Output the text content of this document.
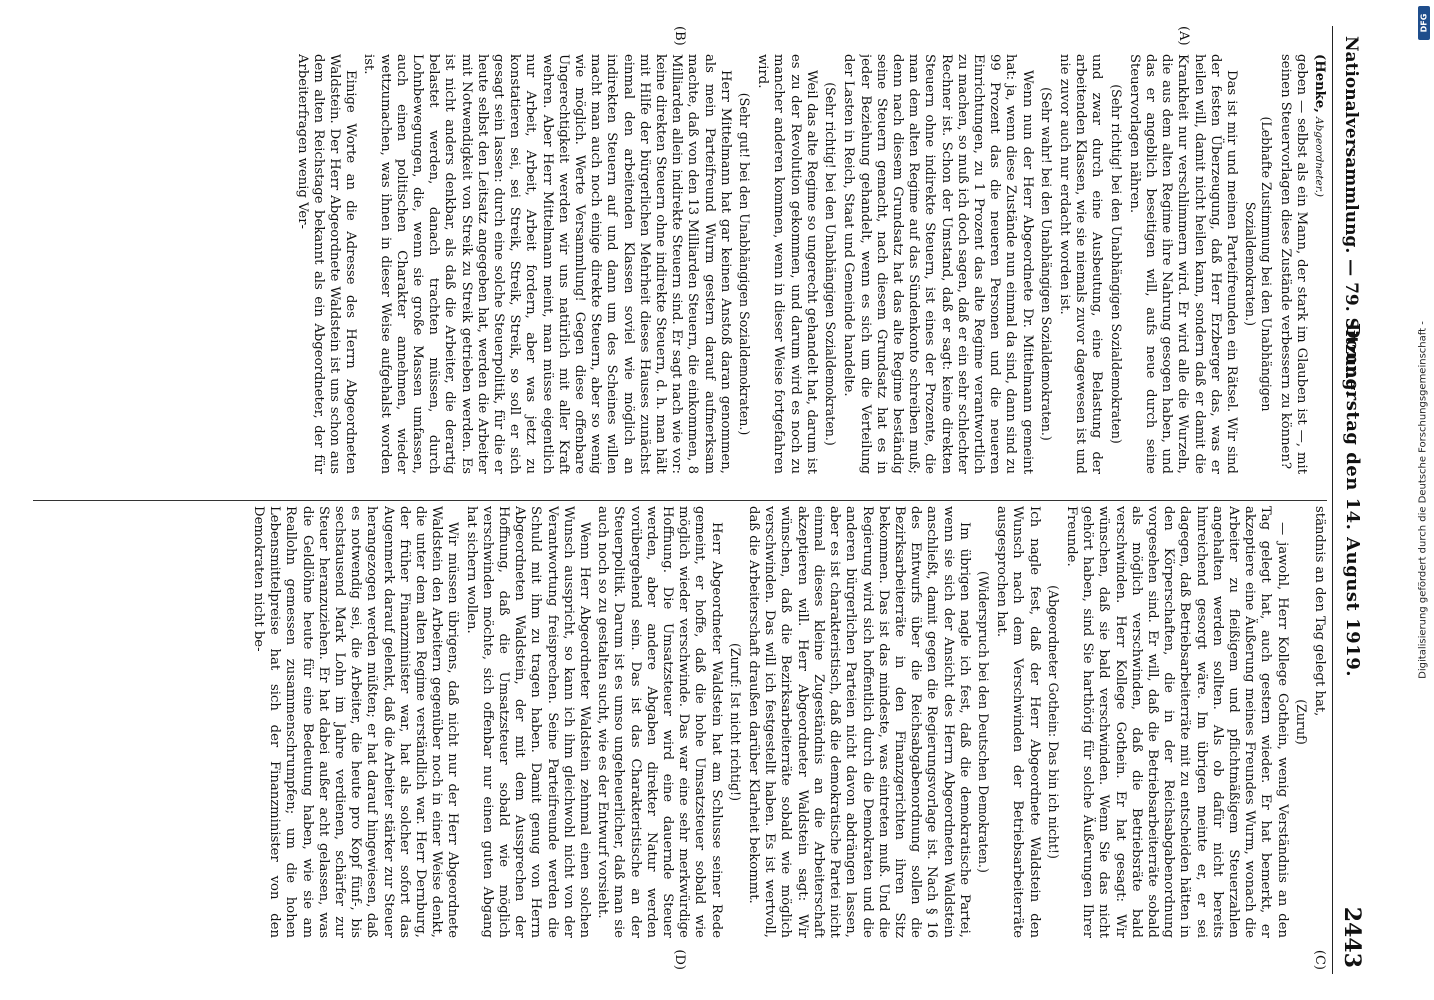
Nationalversammlung. — 79. Sitzung.
Donnerstag den 14. August 1919.
2443
(A)
(B)
(C)
(D)

(Henke, Abgeordneter.)

geben — selbst als ein Mann, der stark im Glauben ist —, mit seinen Steuervorlagen diese Zustände verbessern zu können?

(Lebhafte Zustimmung bei den Unabhängigen Sozialdemokraten.)

Das ist mir und meinen Parteifreunden ein Rätsel. Wir sind der festen Überzeugung, daß Herr Erzberger das, was er heilen will, damit nicht heilen kann, sondern daß er damit die Krankheit nur verschlimmern wird. Er wird alle die Wurzeln, die aus dem alten Regime ihre Nahrung gesogen haben, und das er angeblich beseitigen will, aufs neue durch seine Steuervorlagen nähren.

(Sehr richtig! bei den Unabhängigen Sozialdemokraten)

und zwar durch eine Ausbeutung, eine Belastung der arbeitenden Klassen, wie sie niemals zuvor dagewesen ist und nie zuvor auch nur erdacht worden ist.

(Sehr wahr! bei den Unabhängigen Sozialdemokraten.)

Wenn nun der Herr Abgeordnete Dr. Mittelmann gemeint hat: ja, wenn diese Zustände nun einmal da sind, dann sind zu 99 Prozent das die neueren Personen und die neueren Einrichtungen, zu 1 Prozent das alte Regime verantwortlich zu machen, so muß ich doch sagen, daß er ein sehr schlechter Rechner ist. Schon der Umstand, daß er sagt: keine direkten Steuern ohne indirekte Steuern, ist eines der Prozente, die man dem alten Regime auf das Sündenkonto schreiben muß; denn nach diesem Grundsatz hat das alte Regime beständig seine Steuern gemacht, nach diesem Grundsatz hat es in jeder Beziehung gehandelt, wenn es sich um die Verteilung der Lasten in Reich, Staat und Gemeinde handelte.

(Sehr richtig! bei den Unabhängigen Sozialdemokraten.)

Weil das alte Regime so ungerecht gehandelt hat, darum ist es zu der Revolution gekommen, und darum wird es noch zu mancher anderen kommen, wenn in dieser Weise fortgefahren wird.

(Sehr gut! bei den Unabhängigen Sozialdemokraten.)

Herr Mittelmann hat gar keinen Anstoß daran genommen, als mein Parteifreund Wurm gestern darauf aufmerksam machte, daß von den 13 Milliarden Steuern, die einkommen, 8 Milliarden allein indirekte Steuern sind. Er sagt nach wie vor: keine direkten Steuern ohne indirekte Steuern, d. h. man hält mit Hilfe der bürgerlichen Mehrheit dieses Hauses zunächst einmal den arbeitenden Klassen soviel wie möglich an indirekten Steuern auf und dann um des Scheines willen macht man auch noch einige direkte Steuern, aber so wenig wie möglich. Werte Versammlung! Gegen diese offenbare Ungerechtigkeit werden wir uns natürlich mit aller Kraft wehren. Aber Herr Mittelmann meint, man müsse eigentlich nur Arbeit, Arbeit, Arbeit fordern, aber was jetzt zu konstatieren sei, sei Streik, Streik, Streik, so soll er sich gesagt sein lassen: durch eine solche Steuerpolitik, für die er heute selbst den Leitsatz angegeben hat, werden die Arbeiter mit Notwendigkeit von Streik zu Streik getrieben werden. Es ist nicht anders denkbar, als daß die Arbeiter, die derartig belastet werden, danach trachten müssen, durch Lohnbewegungen, die, wenn sie große Massen umfassen, auch einen politischen Charakter annehmen, wieder wettzumachen, was ihnen in dieser Weise aufgehalst worden ist.

Einige Worte an die Adresse des Herrn Abgeordneten Waldstein. Der Herr Abgeordnete Waldstein ist uns schon aus dem alten Reichstage bekannt als ein Abgeordneter, der für Arbeiterfragen wenig Ver-

ständnis an den Tag gelegt hat,

(Zuruf)

— jawohl, Herr Kollege Gothein, wenig Verständnis an den Tag gelegt hat, auch gestern wieder. Er hat bemerkt, er akzeptiere eine Äußerung meines Freundes Wurm, wonach die Arbeiter zu fleißigem und pflichtmäßigem Steuerzahlen angehalten werden sollten. Als ob dafür nicht bereits hinreichend gesorgt wäre. Im übrigen meinte er, er sei dagegen, daß Betriebsarbeiterräte mit zu entscheiden hätten in den Körperschaften, die in der Reichsabgabenordnung vorgesehen sind. Er will, daß die Betriebsarbeiterräte sobald als möglich verschwinden, daß die Betriebsräte bald verschwinden. Herr Kollege Gothein. Er hat gesagt: Wir wünschen, daß sie bald verschwinden. Wenn Sie das nicht gehört haben, sind Sie harthörig für solche Äußerungen Ihrer Freunde.

(Abgeordneter Gothein: Das bin ich nicht!)

Ich nagle fest, daß der Herr Abgeordnete Waldstein den Wunsch nach dem Verschwinden der Betriebsarbeiterräte ausgesprochen hat.

(Widerspruch bei den Deutschen Demokraten.)

Im übrigen nagle ich fest, daß die demokratische Partei, wenn sie sich der Ansicht des Herrn Abgeordneten Waldstein anschließt, damit gegen die Regierungsvorlage ist. Nach § 16 des Entwurfs über die Reichsabgabenordnung sollen die Bezirksarbeiterräte in den Finanzgerichten ihren Sitz bekommen. Das ist das mindeste, was eintreten muß. Und die Regierung wird sich hoffentlich durch die Demokraten und die anderen bürgerlichen Parteien nicht davon abdrängen lassen, aber es ist charakteristisch, daß die demokratische Partei nicht einmal dieses kleine Zugeständnis an die Arbeiterschaft akzeptieren will. Herr Abgeordneter Waldstein sagt: Wir wünschen, daß die Bezirksarbeiterräte sobald wie möglich verschwinden. Das will ich festgestellt haben. Es ist wertvoll, daß die Arbeiterschaft draußen darüber Klarheit bekommt.

(Zuruf: Ist nicht richtig!)

Herr Abgeordneter Waldstein hat am Schlusse seiner Rede gemeint, er hoffe, daß die hohe Umsatzsteuer sobald wie möglich wieder verschwinde. Das war eine sehr merkwürdige Hoffnung. Die Umsatzsteuer wird eine dauernde Steuer werden, aber andere Abgaben direkter Natur werden vorübergehend sein. Das ist das Charakteristische an der Steuerpolitik. Darum ist es umso ungeheuerlicher, daß man sie auch noch so zu gestalten sucht, wie es der Entwurf vorsieht.

Wenn Herr Abgeordneter Waldstein zehnmal einen solchen Wunsch ausspricht, so kann ich ihm gleichwohl nicht von der Verantwortung freisprechen. Seine Parteifreunde werden die Schuld mit ihm zu tragen haben. Damit genug von Herrn Abgeordneten Waldstein, der mit dem Aussprechen der Hoffnung, daß die Umsatzsteuer sobald wie möglich verschwinden möchte, sich offenbar nur einen guten Abgang hat sichern wollen.

Wir müssen übrigens, daß nicht nur der Herr Abgeordnete Waldstein den Arbeitern gegenüber noch in einer Weise denkt, die unter dem alten Regime verständlich war. Herr Dernburg, der früher Finanzminister war, hat als solcher sofort das Augenmerk darauf gelenkt, daß die Arbeiter stärker zur Steuer herangezogen werden müßten; er hat darauf hingewiesen, daß es notwendig sei, die Arbeiter, die heute pro Kopf fünf-, bis sechstausend Mark Lohn im Jahre verdienen, schärfer zur Steuer heranzuziehen. Er hat dabei außer acht gelassen, was die Geldlöhne heute für eine Bedeutung haben, wie sie am Reallohn gemessen zusammenschrumpfen; um die hohen Lebensmittelpreise hat sich der Finanzminister von den Demokraten nicht be-	Digitalisierung gefördert durch die Deutsche Forschungsgemeinschaft -
DFG
